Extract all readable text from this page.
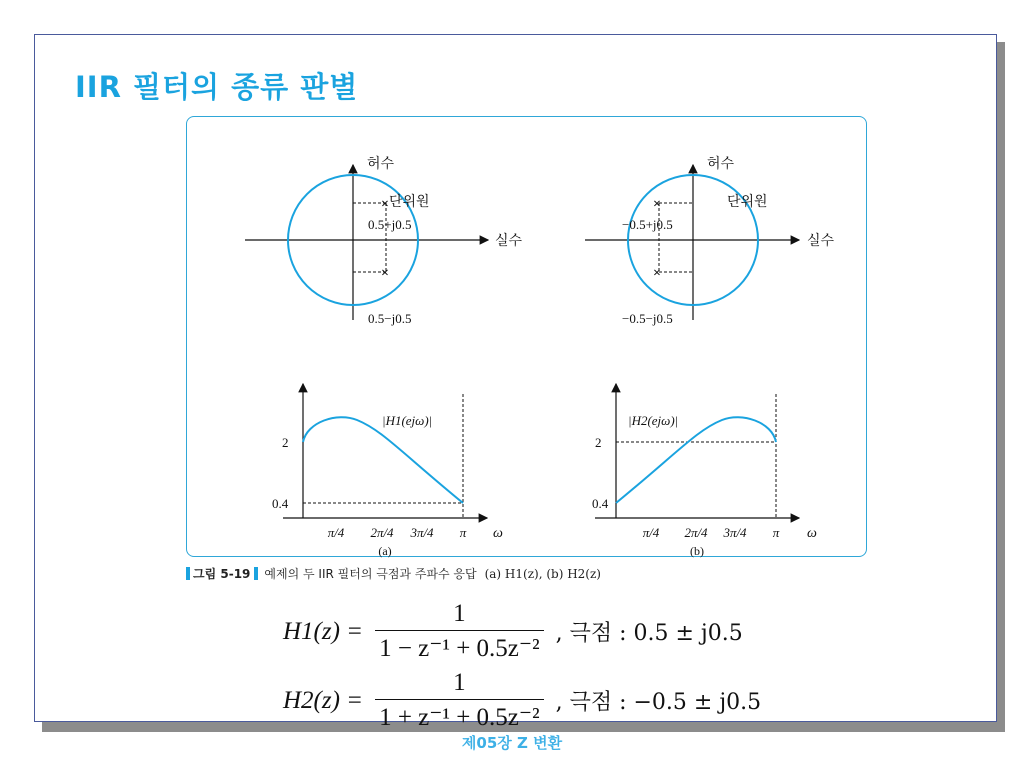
IIR 필터의 종류 판별
×
×
허수
실수
단위원
0.5+j0.5
0.5−j0.5
×
×
허수
실수
단위원
−0.5+j0.5
−0.5−j0.5
2
0.4
|H1(ejω)|
π/4 2π/4 3π/4 π ω
(a)
2
0.4
|H2(ejω)|
π/4 2π/4 3π/4 π ω
(b)
그림 5-19 예제의 두 IIR 필터의 극점과 주파수 응답 (a) H1(z), (b) H2(z)
$H1(z) = \frac{1}{\text{1 − z⁻¹ + 0.5z⁻²}}$ , 극점 : 0.5 ± j0.5
$H2(z) = \frac{1}{\text{1 + z⁻¹ + 0.5z⁻²}}$ , 극점 : −0.5 ± j0.5
제05장 Z 변환
